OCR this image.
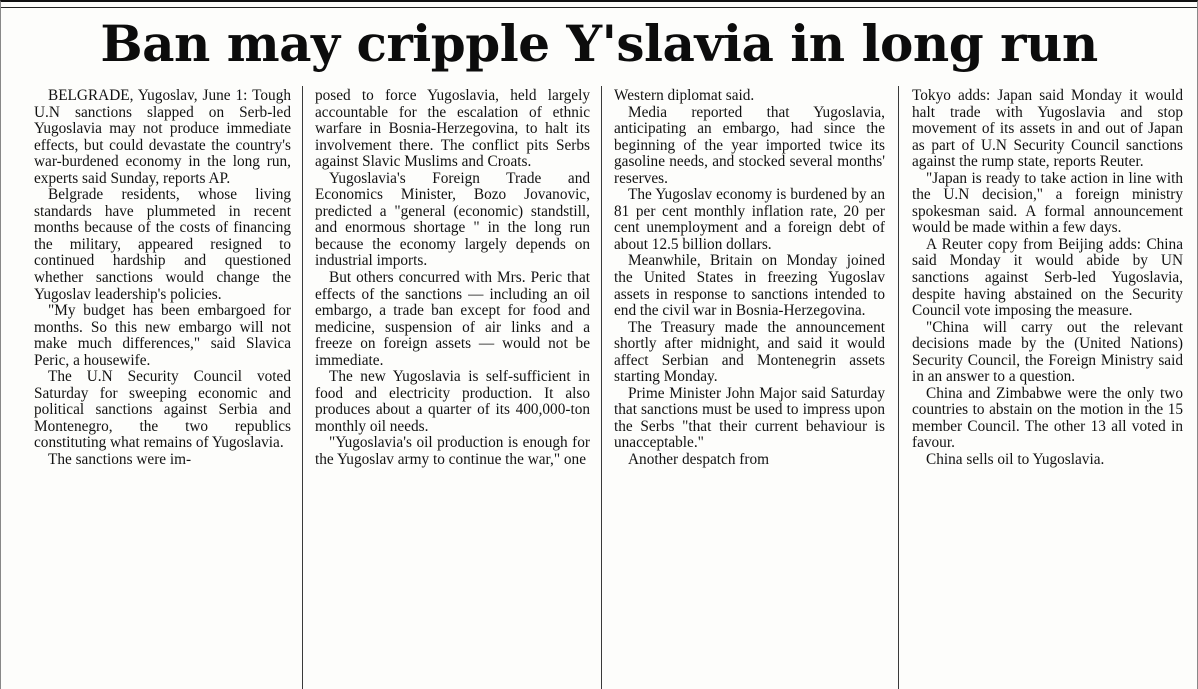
Ban may cripple Y'slavia in long run

BELGRADE, Yugoslav, June 1: Tough U.N sanctions slapped on Serb-led Yugoslavia may not produce immediate effects, but could devastate the country's war-burdened economy in the long run, experts said Sunday, reports AP.

Belgrade residents, whose living standards have plummeted in recent months because of the costs of financing the military, appeared resigned to continued hardship and questioned whether sanctions would change the Yugoslav leadership's policies.

"My budget has been embargoed for months. So this new embargo will not make much differences," said Slavica Peric, a housewife.

The U.N Security Council voted Saturday for sweeping economic and political sanctions against Serbia and Montenegro, the two republics constituting what remains of Yugoslavia.

The sanctions were im-

posed to force Yugoslavia, held largely accountable for the escalation of ethnic warfare in Bosnia-Herzegovina, to halt its involvement there. The conflict pits Serbs against Slavic Muslims and Croats.

Yugoslavia's Foreign Trade and Economics Minister, Bozo Jovanovic, predicted a "general (economic) standstill, and enormous shortage " in the long run because the economy largely depends on industrial imports.

But others concurred with Mrs. Peric that effects of the sanctions — including an oil embargo, a trade ban except for food and medicine, suspension of air links and a freeze on foreign assets — would not be immediate.

The new Yugoslavia is self-sufficient in food and electricity production. It also produces about a quarter of its 400,000-ton monthly oil needs.

"Yugoslavia's oil production is enough for the Yugoslav army to continue the war," one

Western diplomat said.

Media reported that Yugoslavia, anticipating an embargo, had since the beginning of the year imported twice its gasoline needs, and stocked several months' reserves.

The Yugoslav economy is burdened by an 81 per cent monthly inflation rate, 20 per cent unemployment and a foreign debt of about 12.5 billion dollars.

Meanwhile, Britain on Monday joined the United States in freezing Yugoslav assets in response to sanctions intended to end the civil war in Bosnia-Herzegovina.

The Treasury made the announcement shortly after midnight, and said it would affect Serbian and Montenegrin assets starting Monday.

Prime Minister John Major said Saturday that sanctions must be used to impress upon the Serbs "that their current behaviour is unacceptable."

Another despatch from

Tokyo adds: Japan said Monday it would halt trade with Yugoslavia and stop movement of its assets in and out of Japan as part of U.N Security Council sanctions against the rump state, reports Reuter.

"Japan is ready to take action in line with the U.N decision," a foreign ministry spokesman said. A formal announcement would be made within a few days.

A Reuter copy from Beijing adds: China said Monday it would abide by UN sanctions against Serb-led Yugoslavia, despite having abstained on the Security Council vote imposing the measure.

"China will carry out the relevant decisions made by the (United Nations) Security Council, the Foreign Ministry said in an answer to a question.

China and Zimbabwe were the only two countries to abstain on the motion in the 15 member Council. The other 13 all voted in favour.

China sells oil to Yugoslavia.
